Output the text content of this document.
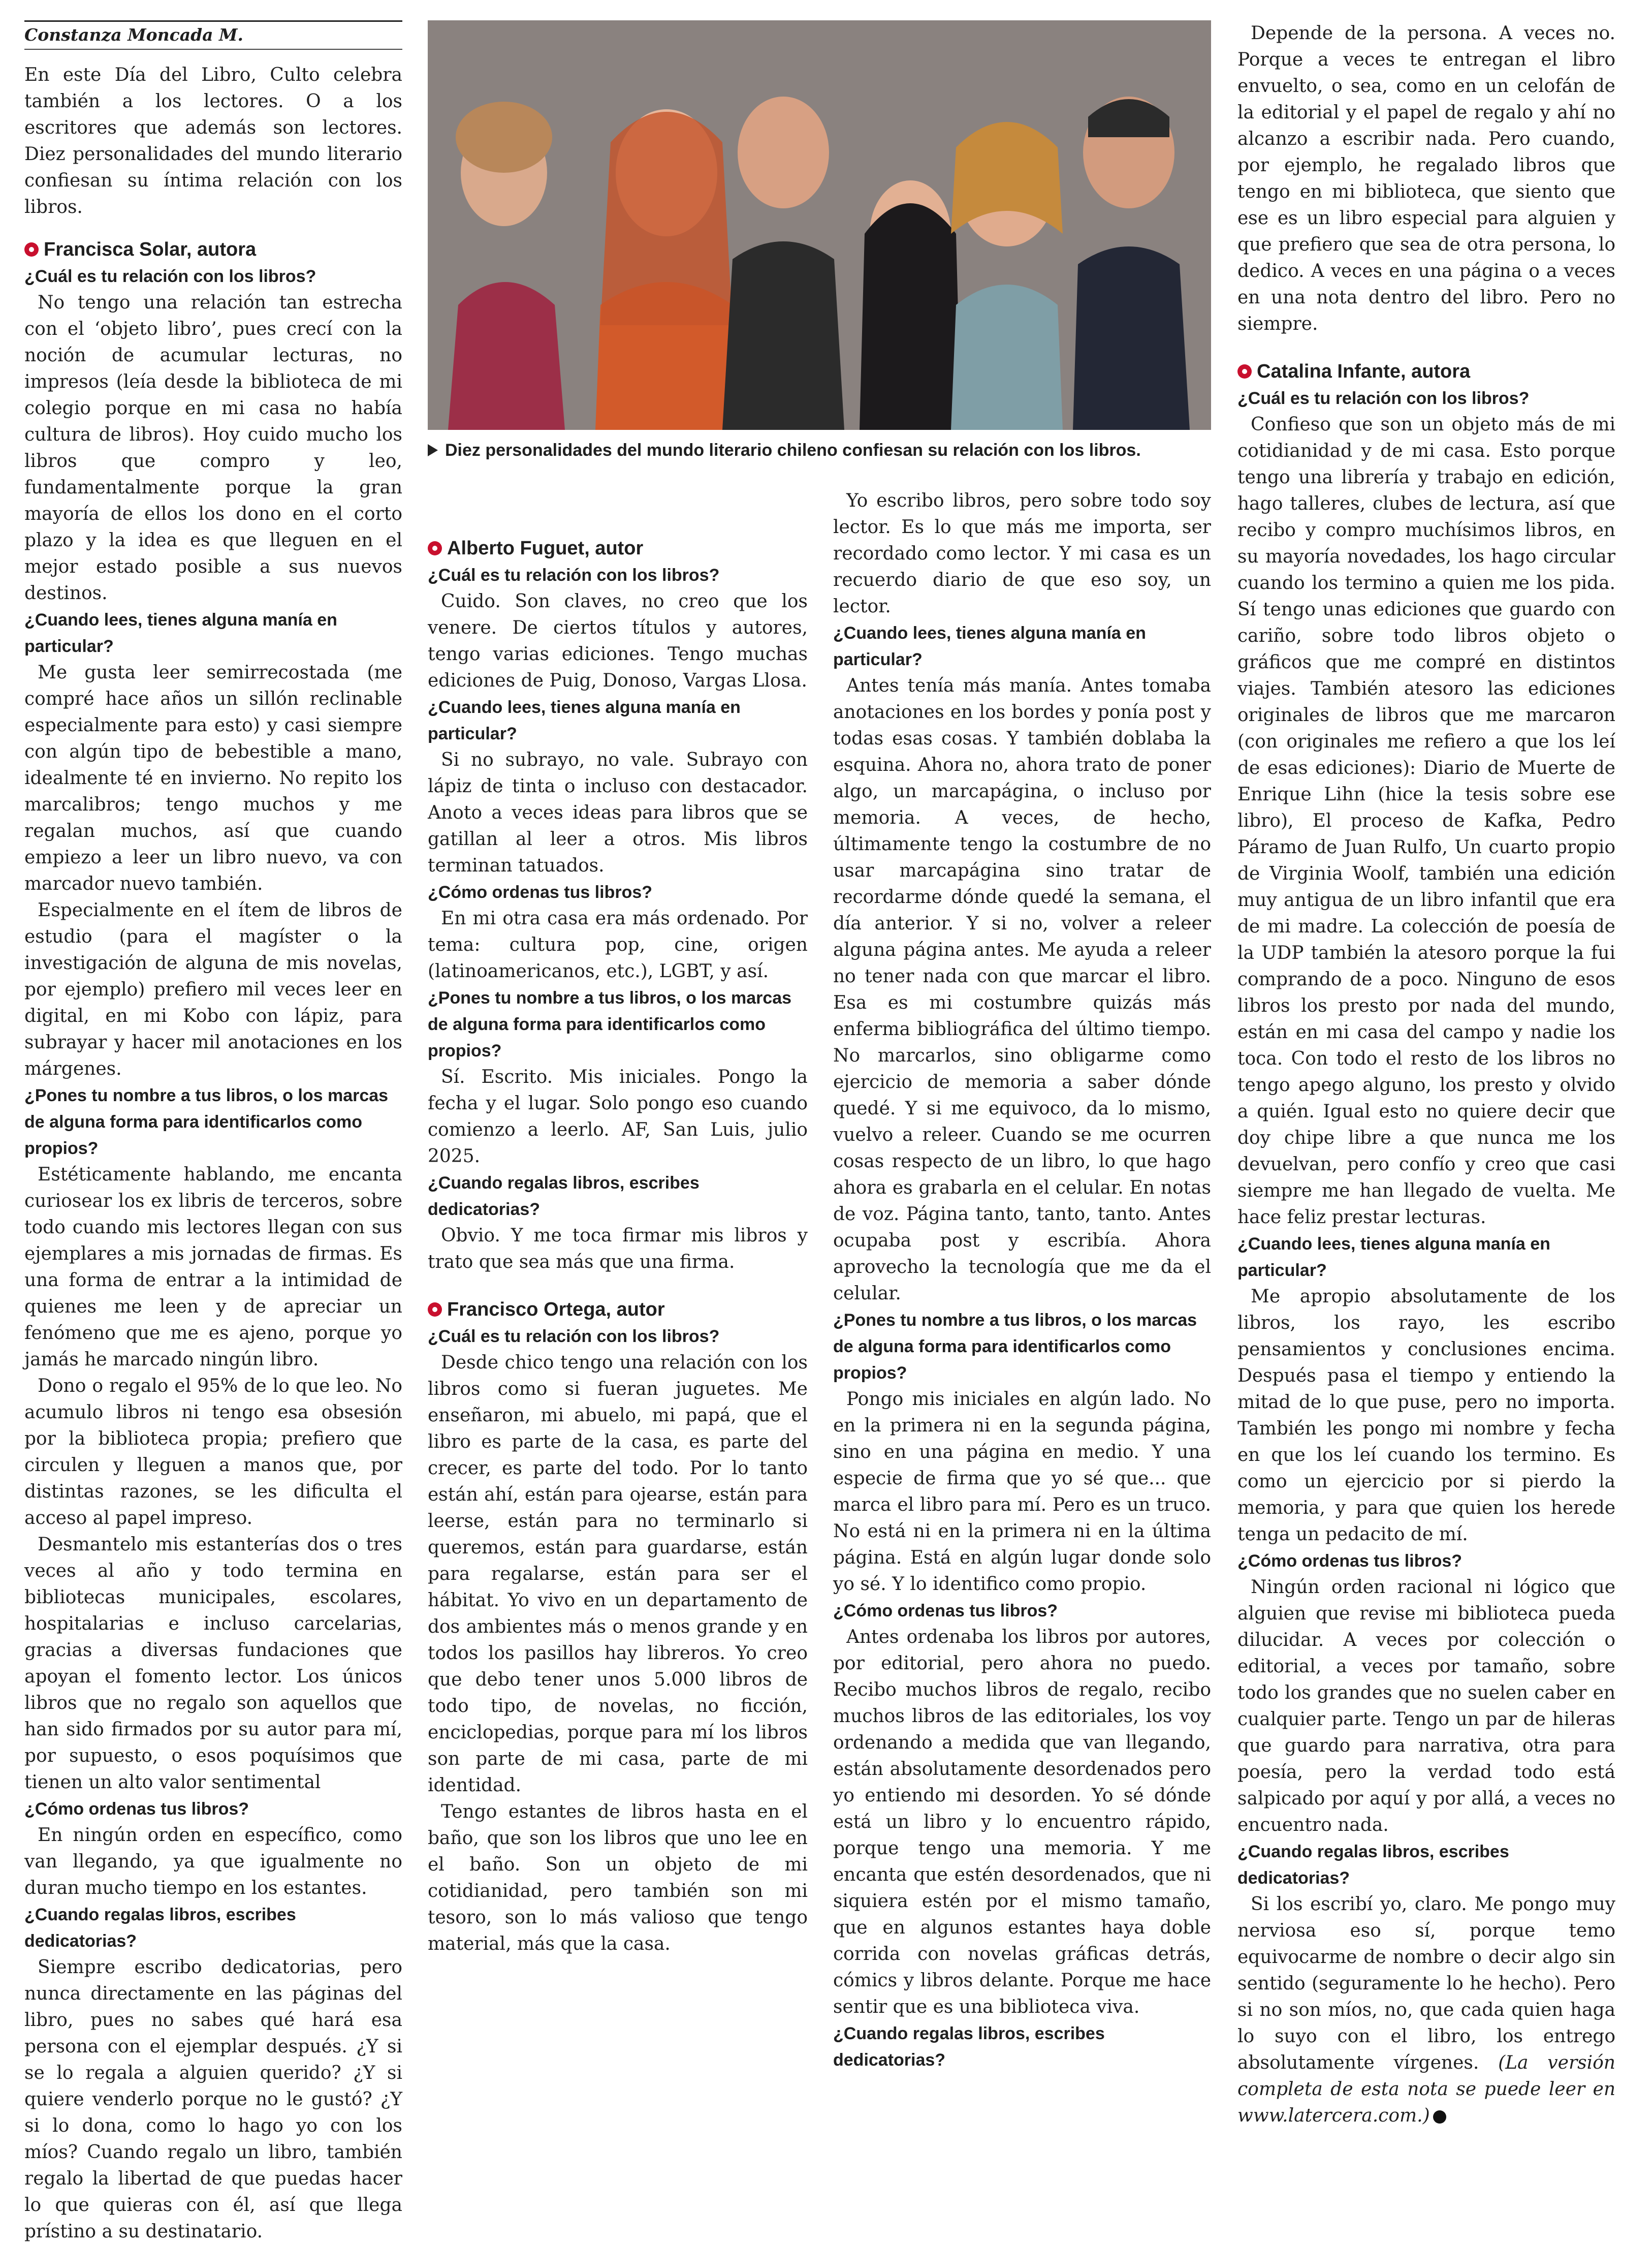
Constanza Moncada M.

En este Día del Libro, Culto celebra también a los lectores. O a los escritores que además son lectores. Diez personalidades del mundo literario confiesan su íntima relación con los libros.

Francisca Solar, autora
¿Cuál es tu relación con los libros?

No tengo una relación tan estrecha con el ‘objeto libro’, pues crecí con la noción de acumular lecturas, no impresos (leía desde la biblioteca de mi colegio porque en mi casa no había cultura de libros). Hoy cuido mucho los libros que compro y leo, fundamentalmente porque la gran mayoría de ellos los dono en el corto plazo y la idea es que lleguen en el mejor estado posible a sus nuevos destinos.

¿Cuando lees, tienes alguna manía en particular?

Me gusta leer semirrecostada (me compré hace años un sillón reclinable especialmente para esto) y casi siempre con algún tipo de bebestible a mano, idealmente té en invierno. No repito los marcalibros; tengo muchos y me regalan muchos, así que cuando empiezo a leer un libro nuevo, va con marcador nuevo también.

Especialmente en el ítem de libros de estudio (para el magíster o la investigación de alguna de mis novelas, por ejemplo) prefiero mil veces leer en digital, en mi Kobo con lápiz, para subrayar y hacer mil anotaciones en los márgenes.

¿Pones tu nombre a tus libros, o los marcas de alguna forma para identificarlos como propios?

Estéticamente hablando, me encanta curiosear los ex libris de terceros, sobre todo cuando mis lectores llegan con sus ejemplares a mis jornadas de firmas. Es una forma de entrar a la intimidad de quienes me leen y de apreciar un fenómeno que me es ajeno, porque yo jamás he marcado ningún libro.

Dono o regalo el 95% de lo que leo. No acumulo libros ni tengo esa obsesión por la biblioteca propia; prefiero que circulen y lleguen a manos que, por distintas razones, se les dificulta el acceso al papel impreso.

Desmantelo mis estanterías dos o tres veces al año y todo termina en bibliotecas municipales, escolares, hospitalarias e incluso carcelarias, gracias a diversas fundaciones que apoyan el fomento lector. Los únicos libros que no regalo son aquellos que han sido firmados por su autor para mí, por supuesto, o esos poquísimos que tienen un alto valor sentimental

¿Cómo ordenas tus libros?

En ningún orden en específico, como van llegando, ya que igualmente no duran mucho tiempo en los estantes.

¿Cuando regalas libros, escribes dedicatorias?

Siempre escribo dedicatorias, pero nunca directamente en las páginas del libro, pues no sabes qué hará esa persona con el ejemplar después. ¿Y si se lo regala a alguien querido? ¿Y si quiere venderlo porque no le gustó? ¿Y si lo dona, como lo hago yo con los míos? Cuando regalo un libro, también regalo la libertad de que puedas hacer lo que quieras con él, así que llega prístino a su destinatario.

Diez personalidades del mundo literario chileno confiesan su relación con los libros.

Alberto Fuguet, autor
¿Cuál es tu relación con los libros?

Cuido. Son claves, no creo que los venere. De ciertos títulos y autores, tengo varias ediciones. Tengo muchas ediciones de Puig, Donoso, Vargas Llosa.

¿Cuando lees, tienes alguna manía en particular?

Si no subrayo, no vale. Subrayo con lápiz de tinta o incluso con destacador. Anoto a veces ideas para libros que se gatillan al leer a otros. Mis libros terminan tatuados.

¿Cómo ordenas tus libros?

En mi otra casa era más ordenado. Por tema: cultura pop, cine, origen (latinoamericanos, etc.), LGBT, y así.

¿Pones tu nombre a tus libros, o los marcas de alguna forma para identificarlos como propios?

Sí. Escrito. Mis iniciales. Pongo la fecha y el lugar. Solo pongo eso cuando comienzo a leerlo. AF, San Luis, julio 2025.

¿Cuando regalas libros, escribes dedicatorias?

Obvio. Y me toca firmar mis libros y trato que sea más que una firma.

Francisco Ortega, autor
¿Cuál es tu relación con los libros?

Desde chico tengo una relación con los libros como si fueran juguetes. Me enseñaron, mi abuelo, mi papá, que el libro es parte de la casa, es parte del crecer, es parte del todo. Por lo tanto están ahí, están para ojearse, están para leerse, están para no terminarlo si queremos, están para guardarse, están para regalarse, están para ser el hábitat. Yo vivo en un departamento de dos ambientes más o menos grande y en todos los pasillos hay libreros. Yo creo que debo tener unos 5.000 libros de todo tipo, de novelas, no ficción, enciclopedias, porque para mí los libros son parte de mi casa, parte de mi identidad.

Tengo estantes de libros hasta en el baño, que son los libros que uno lee en el baño. Son un objeto de mi cotidianidad, pero también son mi tesoro, son lo más valioso que tengo material, más que la casa.

Yo escribo libros, pero sobre todo soy lector. Es lo que más me importa, ser recordado como lector. Y mi casa es un recuerdo diario de que eso soy, un lector.

¿Cuando lees, tienes alguna manía en particular?

Antes tenía más manía. Antes tomaba anotaciones en los bordes y ponía post y todas esas cosas. Y también doblaba la esquina. Ahora no, ahora trato de poner algo, un marcapágina, o incluso por memoria. A veces, de hecho, últimamente tengo la costumbre de no usar marcapágina sino tratar de recordarme dónde quedé la semana, el día anterior. Y si no, volver a releer alguna página antes. Me ayuda a releer no tener nada con que marcar el libro. Esa es mi costumbre quizás más enferma bibliográfica del último tiempo. No marcarlos, sino obligarme como ejercicio de memoria a saber dónde quedé. Y si me equivoco, da lo mismo, vuelvo a releer. Cuando se me ocurren cosas respecto de un libro, lo que hago ahora es grabarla en el celular. En notas de voz. Página tanto, tanto, tanto. Antes ocupaba post y escribía. Ahora aprovecho la tecnología que me da el celular.

¿Pones tu nombre a tus libros, o los marcas de alguna forma para identificarlos como propios?

Pongo mis iniciales en algún lado. No en la primera ni en la segunda página, sino en una página en medio. Y una especie de firma que yo sé que... que marca el libro para mí. Pero es un truco. No está ni en la primera ni en la última página. Está en algún lugar donde solo yo sé. Y lo identifico como propio.

¿Cómo ordenas tus libros?

Antes ordenaba los libros por autores, por editorial, pero ahora no puedo. Recibo muchos libros de regalo, recibo muchos libros de las editoriales, los voy ordenando a medida que van llegando, están absolutamente desordenados pero yo entiendo mi desorden. Yo sé dónde está un libro y lo encuentro rápido, porque tengo una memoria. Y me encanta que estén desordenados, que ni siquiera estén por el mismo tamaño, que en algunos estantes haya doble corrida con novelas gráficas detrás, cómics y libros delante. Porque me hace sentir que es una biblioteca viva.

¿Cuando regalas libros, escribes dedicatorias?

Depende de la persona. A veces no. Porque a veces te entregan el libro envuelto, o sea, como en un celofán de la editorial y el papel de regalo y ahí no alcanzo a escribir nada. Pero cuando, por ejemplo, he regalado libros que tengo en mi biblioteca, que siento que ese es un libro especial para alguien y que prefiero que sea de otra persona, lo dedico. A veces en una página o a veces en una nota dentro del libro. Pero no siempre.

Catalina Infante, autora
¿Cuál es tu relación con los libros?

Confieso que son un objeto más de mi cotidianidad y de mi casa. Esto porque tengo una librería y trabajo en edición, hago talleres, clubes de lectura, así que recibo y compro muchísimos libros, en su mayoría novedades, los hago circular cuando los termino a quien me los pida. Sí tengo unas ediciones que guardo con cariño, sobre todo libros objeto o gráficos que me compré en distintos viajes. También atesoro las ediciones originales de libros que me marcaron (con originales me refiero a que los leí de esas ediciones): Diario de Muerte de Enrique Lihn (hice la tesis sobre ese libro), El proceso de Kafka, Pedro Páramo de Juan Rulfo, Un cuarto propio de Virginia Woolf, también una edición muy antigua de un libro infantil que era de mi madre. La colección de poesía de la UDP también la atesoro porque la fui comprando de a poco. Ninguno de esos libros los presto por nada del mundo, están en mi casa del campo y nadie los toca. Con todo el resto de los libros no tengo apego alguno, los presto y olvido a quién. Igual esto no quiere decir que doy chipe libre a que nunca me los devuelvan, pero confío y creo que casi siempre me han llegado de vuelta. Me hace feliz prestar lecturas.

¿Cuando lees, tienes alguna manía en particular?

Me apropio absolutamente de los libros, los rayo, les escribo pensamientos y conclusiones encima. Después pasa el tiempo y entiendo la mitad de lo que puse, pero no importa. También les pongo mi nombre y fecha en que los leí cuando los termino. Es como un ejercicio por si pierdo la memoria, y para que quien los herede tenga un pedacito de mí.

¿Cómo ordenas tus libros?

Ningún orden racional ni lógico que alguien que revise mi biblioteca pueda dilucidar. A veces por colección o editorial, a veces por tamaño, sobre todo los grandes que no suelen caber en cualquier parte. Tengo un par de hileras que guardo para narrativa, otra para poesía, pero la verdad todo está salpicado por aquí y por allá, a veces no encuentro nada.

¿Cuando regalas libros, escribes dedicatorias?

Si los escribí yo, claro. Me pongo muy nerviosa eso sí, porque temo equivocarme de nombre o decir algo sin sentido (seguramente lo he hecho). Pero si no son míos, no, que cada quien haga lo suyo con el libro, los entrego absolutamente vírgenes. (La versión completa de esta nota se puede leer en www.latercera.com.)
